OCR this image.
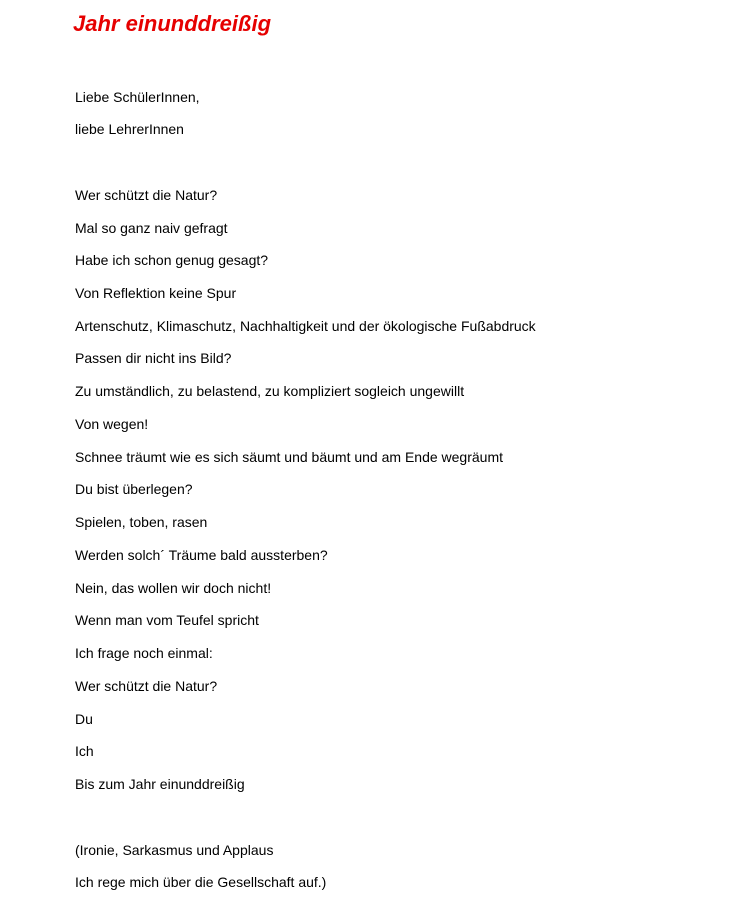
Jahr einunddreißig

Liebe SchülerInnen,

liebe LehrerInnen

Wer schützt die Natur?

Mal so ganz naiv gefragt

Habe ich schon genug gesagt?

Von Reflektion keine Spur

Artenschutz, Klimaschutz, Nachhaltigkeit und der ökologische Fußabdruck

Passen dir nicht ins Bild?

Zu umständlich, zu belastend, zu kompliziert sogleich ungewillt

Von wegen!

Schnee träumt wie es sich säumt und bäumt und am Ende wegräumt

Du bist überlegen?

Spielen, toben, rasen

Werden solch´ Träume bald aussterben?

Nein, das wollen wir doch nicht!

Wenn man vom Teufel spricht

Ich frage noch einmal:

Wer schützt die Natur?

Du

Ich

Bis zum Jahr einunddreißig

(Ironie, Sarkasmus und Applaus

Ich rege mich über die Gesellschaft auf.)
